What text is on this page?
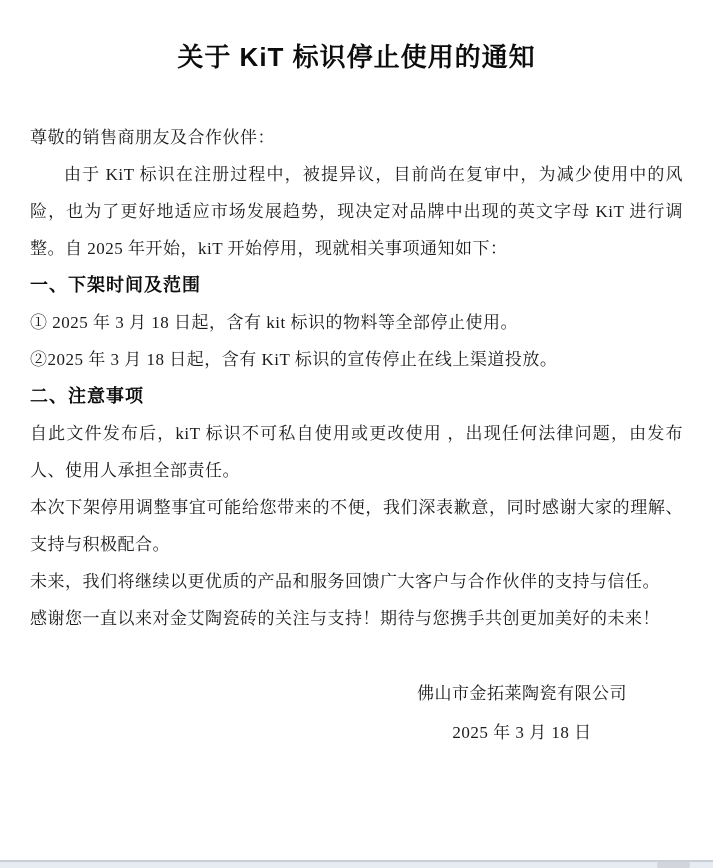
关于 KiT 标识停止使用的通知

尊敬的销售商朋友及合作伙伴：

由于 KiT 标识在注册过程中，被提异议，目前尚在复审中，为减少使用中的风险，也为了更好地适应市场发展趋势，现决定对品牌中出现的英文字母 KiT 进行调整。自 2025 年开始，kiT 开始停用，现就相关事项通知如下：

一、下架时间及范围

① 2025 年 3 月 18 日起，含有 kit 标识的物料等全部停止使用。

②2025 年 3 月 18 日起，含有 KiT 标识的宣传停止在线上渠道投放。

二、注意事项

自此文件发布后，kiT 标识不可私自使用或更改使用 ，出现任何法律问题，由发布人、使用人承担全部责任。

本次下架停用调整事宜可能给您带来的不便，我们深表歉意，同时感谢大家的理解、支持与积极配合。

未来，我们将继续以更优质的产品和服务回馈广大客户与合作伙伴的支持与信任。

感谢您一直以来对金艾陶瓷砖的关注与支持！期待与您携手共创更加美好的未来！

佛山市金拓莱陶瓷有限公司
2025 年 3 月 18 日
